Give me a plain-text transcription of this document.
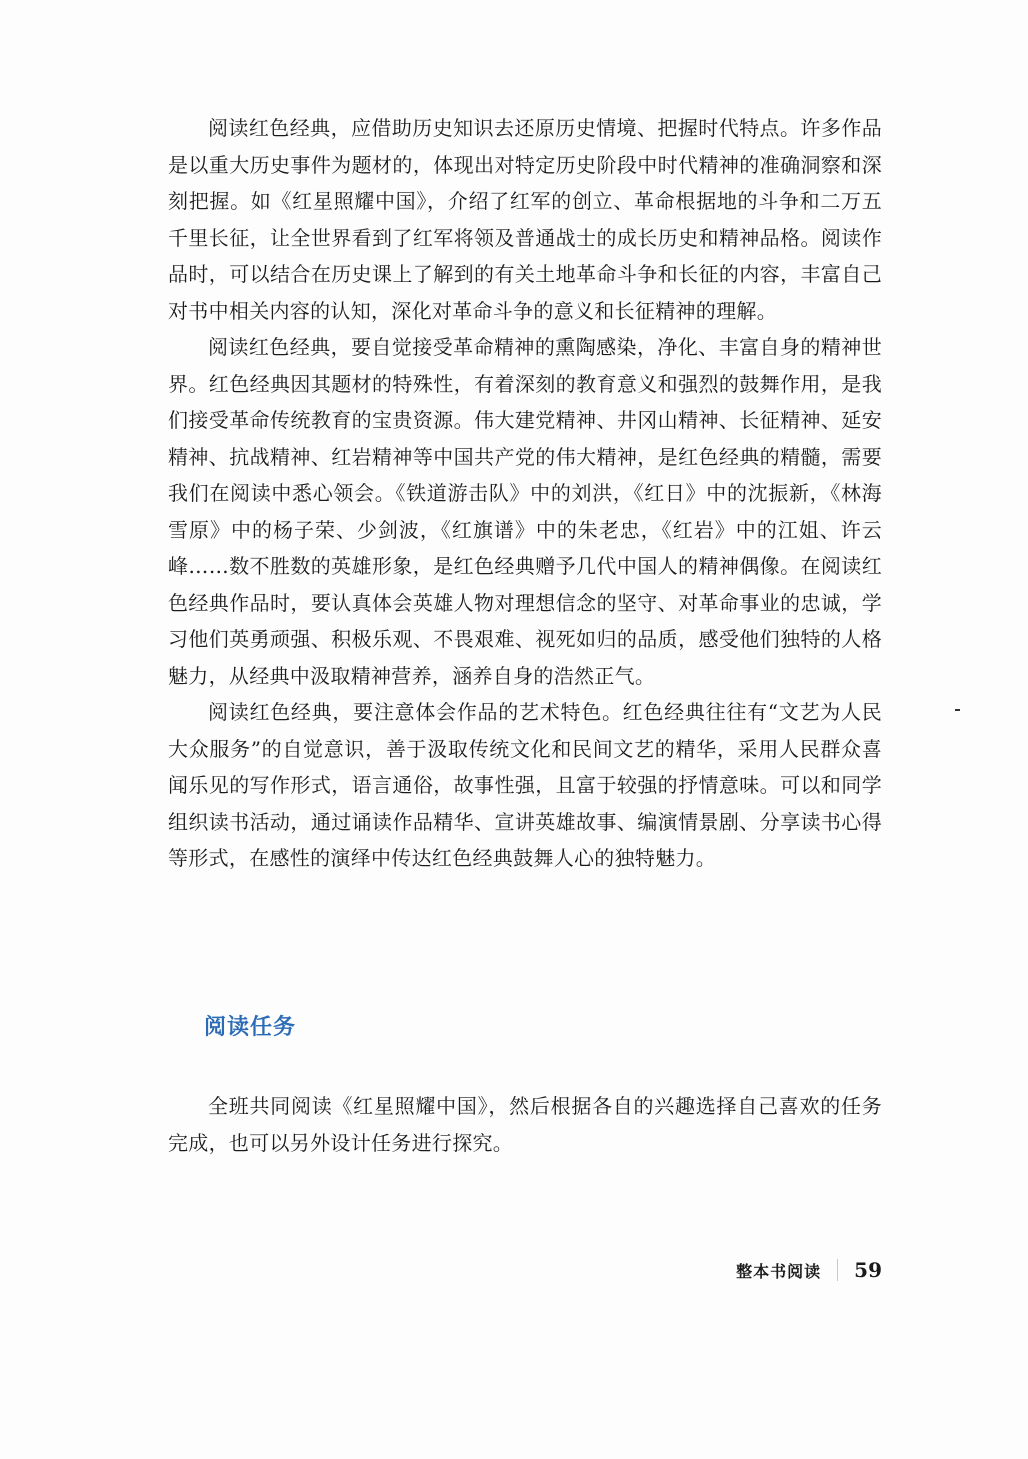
阅读红色经典，应借助历史知识去还原历史情境、把握时代特点。许多作品是以重大历史事件为题材的，体现出对特定历史阶段中时代精神的准确洞察和深刻把握。如《红星照耀中国》，介绍了红军的创立、革命根据地的斗争和二万五千里长征，让全世界看到了红军将领及普通战士的成长历史和精神品格。阅读作品时，可以结合在历史课上了解到的有关土地革命斗争和长征的内容，丰富自己对书中相关内容的认知，深化对革命斗争的意义和长征精神的理解。

阅读红色经典，要自觉接受革命精神的熏陶感染，净化、丰富自身的精神世界。红色经典因其题材的特殊性，有着深刻的教育意义和强烈的鼓舞作用，是我们接受革命传统教育的宝贵资源。伟大建党精神、井冈山精神、长征精神、延安精神、抗战精神、红岩精神等中国共产党的伟大精神，是红色经典的精髓，需要我们在阅读中悉心领会。《铁道游击队》中的刘洪，《红日》中的沈振新，《林海雪原》中的杨子荣、少剑波，《红旗谱》中的朱老忠，《红岩》中的江姐、许云峰……数不胜数的英雄形象，是红色经典赠予几代中国人的精神偶像。在阅读红色经典作品时，要认真体会英雄人物对理想信念的坚守、对革命事业的忠诚，学习他们英勇顽强、积极乐观、不畏艰难、视死如归的品质，感受他们独特的人格魅力，从经典中汲取精神营养，涵养自身的浩然正气。

阅读红色经典，要注意体会作品的艺术特色。红色经典往往有“文艺为人民大众服务”的自觉意识，善于汲取传统文化和民间文艺的精华，采用人民群众喜闻乐见的写作形式，语言通俗，故事性强，且富于较强的抒情意味。可以和同学组织读书活动，通过诵读作品精华、宣讲英雄故事、编演情景剧、分享读书心得等形式，在感性的演绎中传达红色经典鼓舞人心的独特魅力。

阅读任务

全班共同阅读《红星照耀中国》，然后根据各自的兴趣选择自己喜欢的任务完成，也可以另外设计任务进行探究。

整本书阅读 59
